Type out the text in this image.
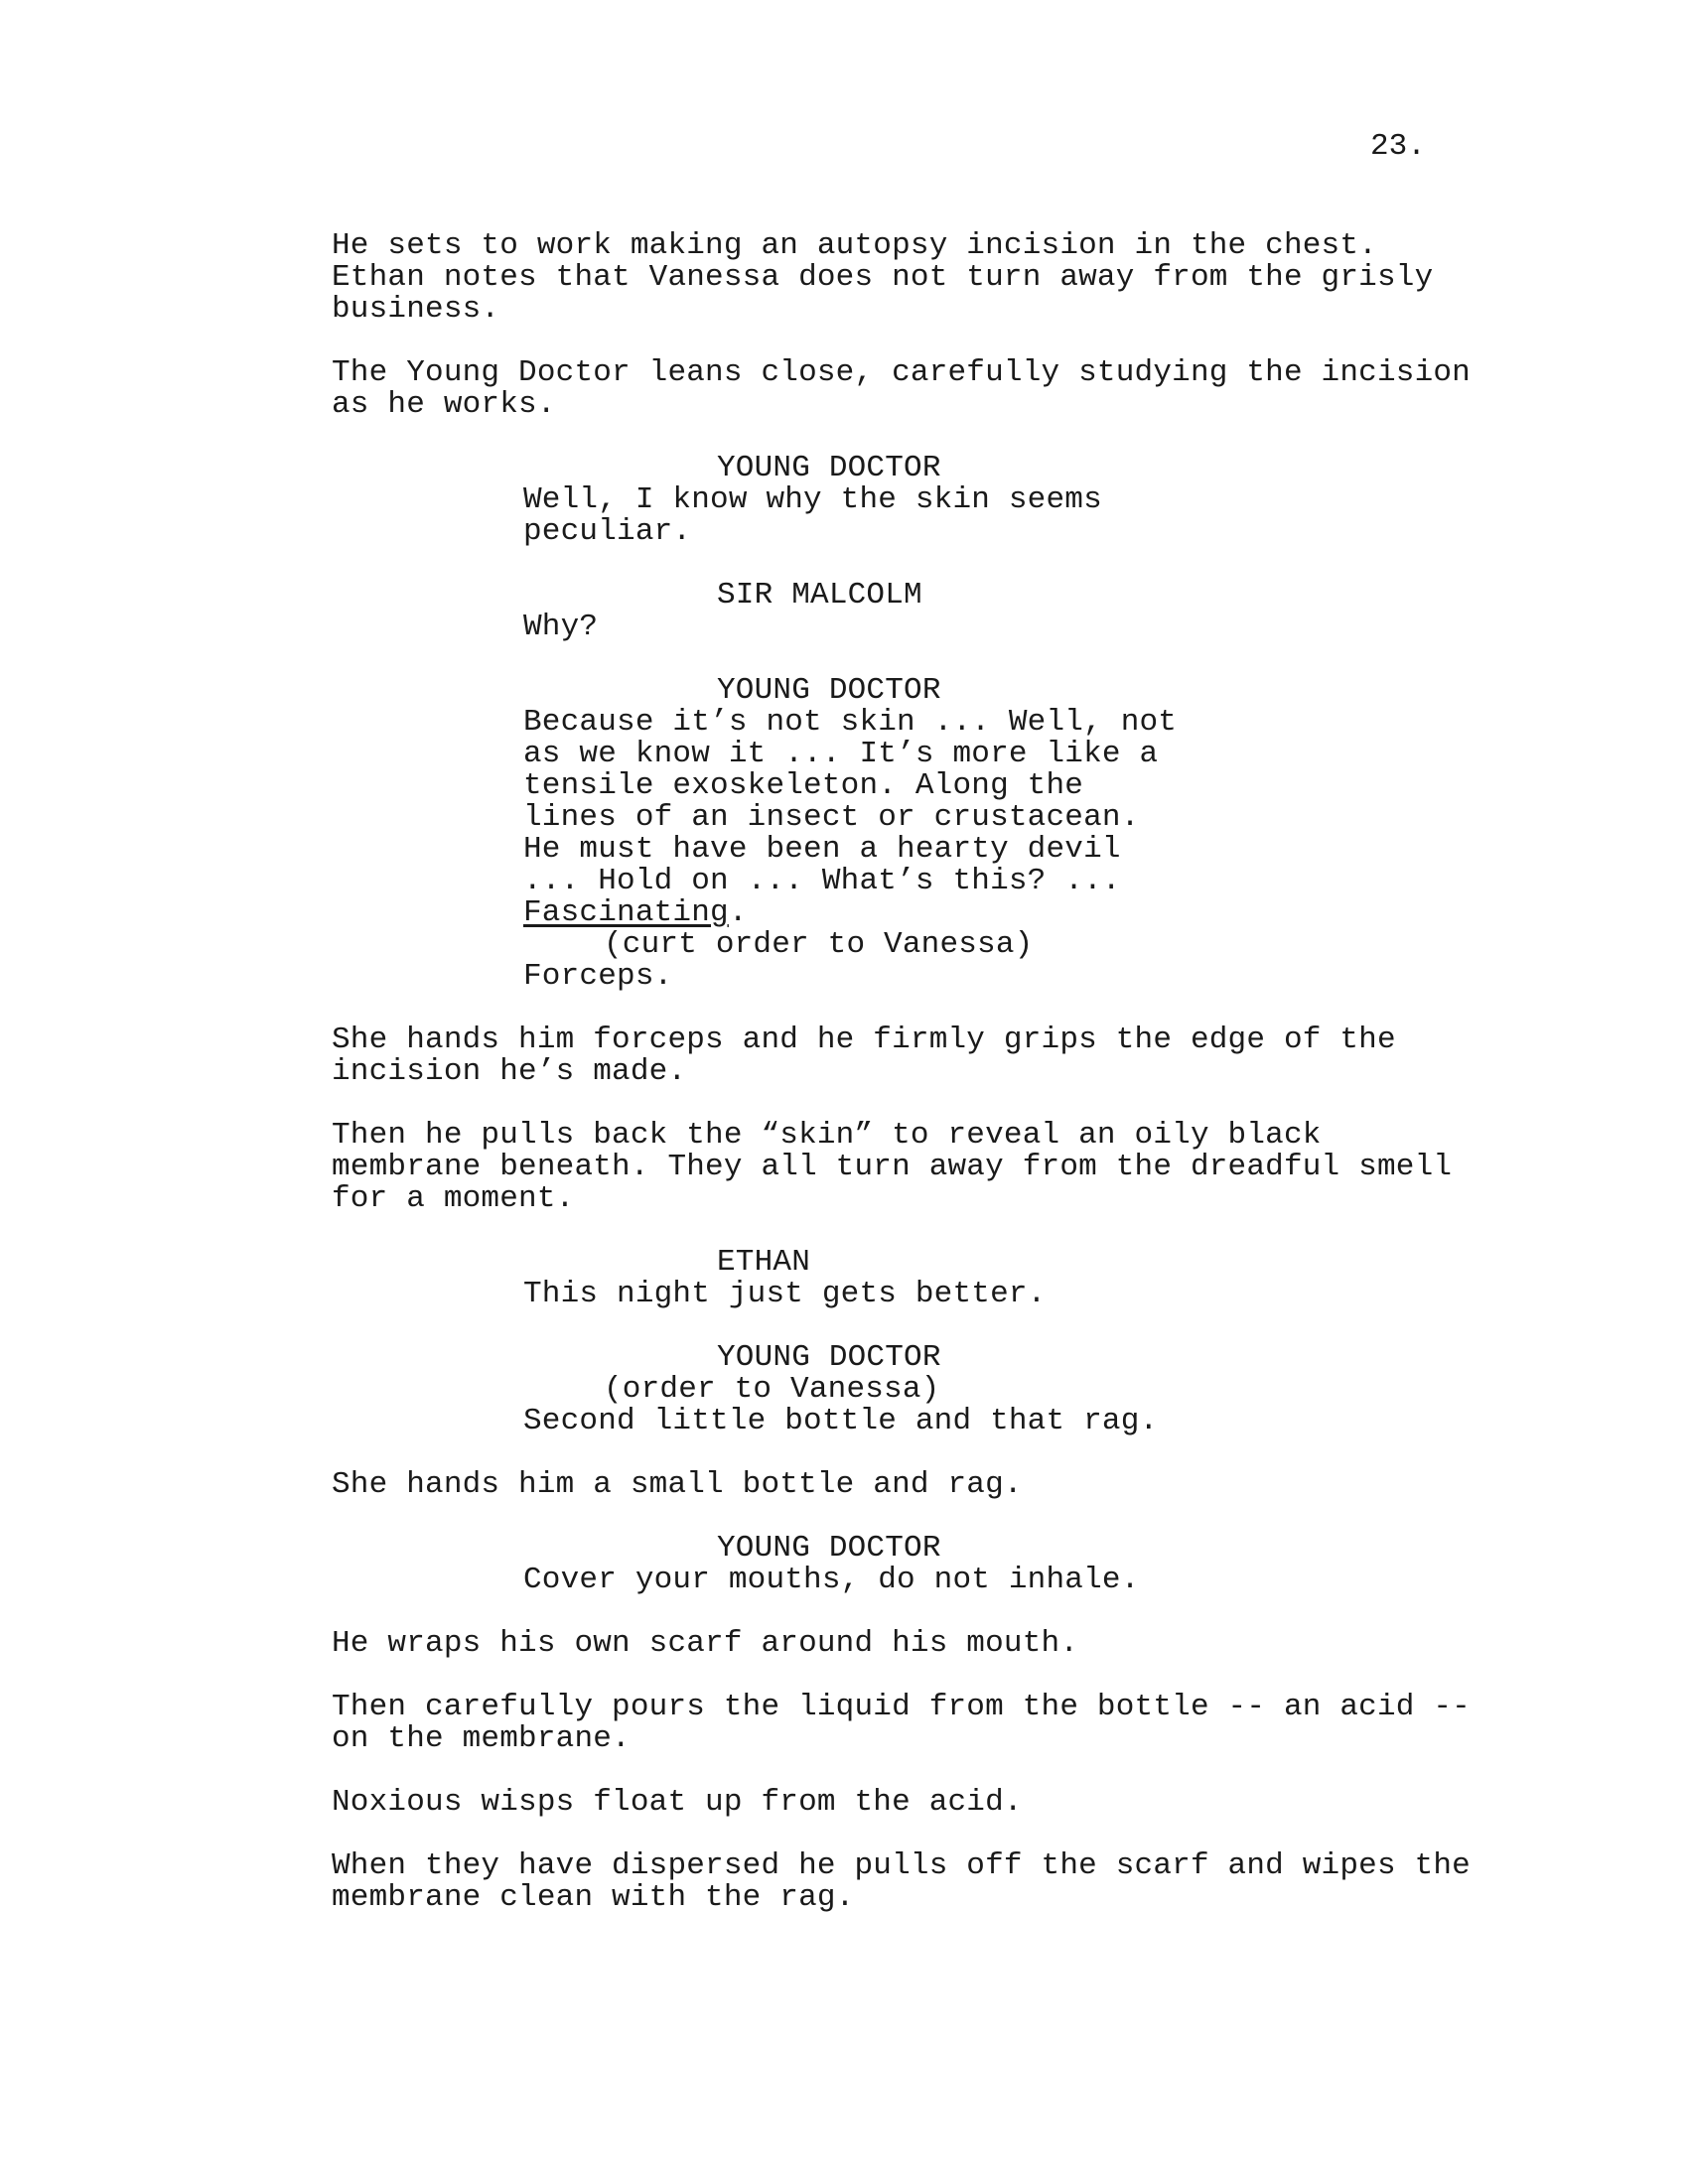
23.
He sets to work making an autopsy incision in the chest.
Ethan notes that Vanessa does not turn away from the grisly
business.
The Young Doctor leans close, carefully studying the incision
as he works.
YOUNG DOCTOR
Well, I know why the skin seems
peculiar.
SIR MALCOLM
Why?
YOUNG DOCTOR
Because it’s not skin ... Well, not
as we know it ... It’s more like a
tensile exoskeleton. Along the
lines of an insect or crustacean.
He must have been a hearty devil
... Hold on ... What’s this? ...
Fascinating.
(curt order to Vanessa)
Forceps.
She hands him forceps and he firmly grips the edge of the
incision he’s made.
Then he pulls back the “skin” to reveal an oily black
membrane beneath. They all turn away from the dreadful smell
for a moment.
ETHAN
This night just gets better.
YOUNG DOCTOR
(order to Vanessa)
Second little bottle and that rag.
She hands him a small bottle and rag.
YOUNG DOCTOR
Cover your mouths, do not inhale.
He wraps his own scarf around his mouth.
Then carefully pours the liquid from the bottle -- an acid --
on the membrane.
Noxious wisps float up from the acid.
When they have dispersed he pulls off the scarf and wipes the
membrane clean with the rag.
